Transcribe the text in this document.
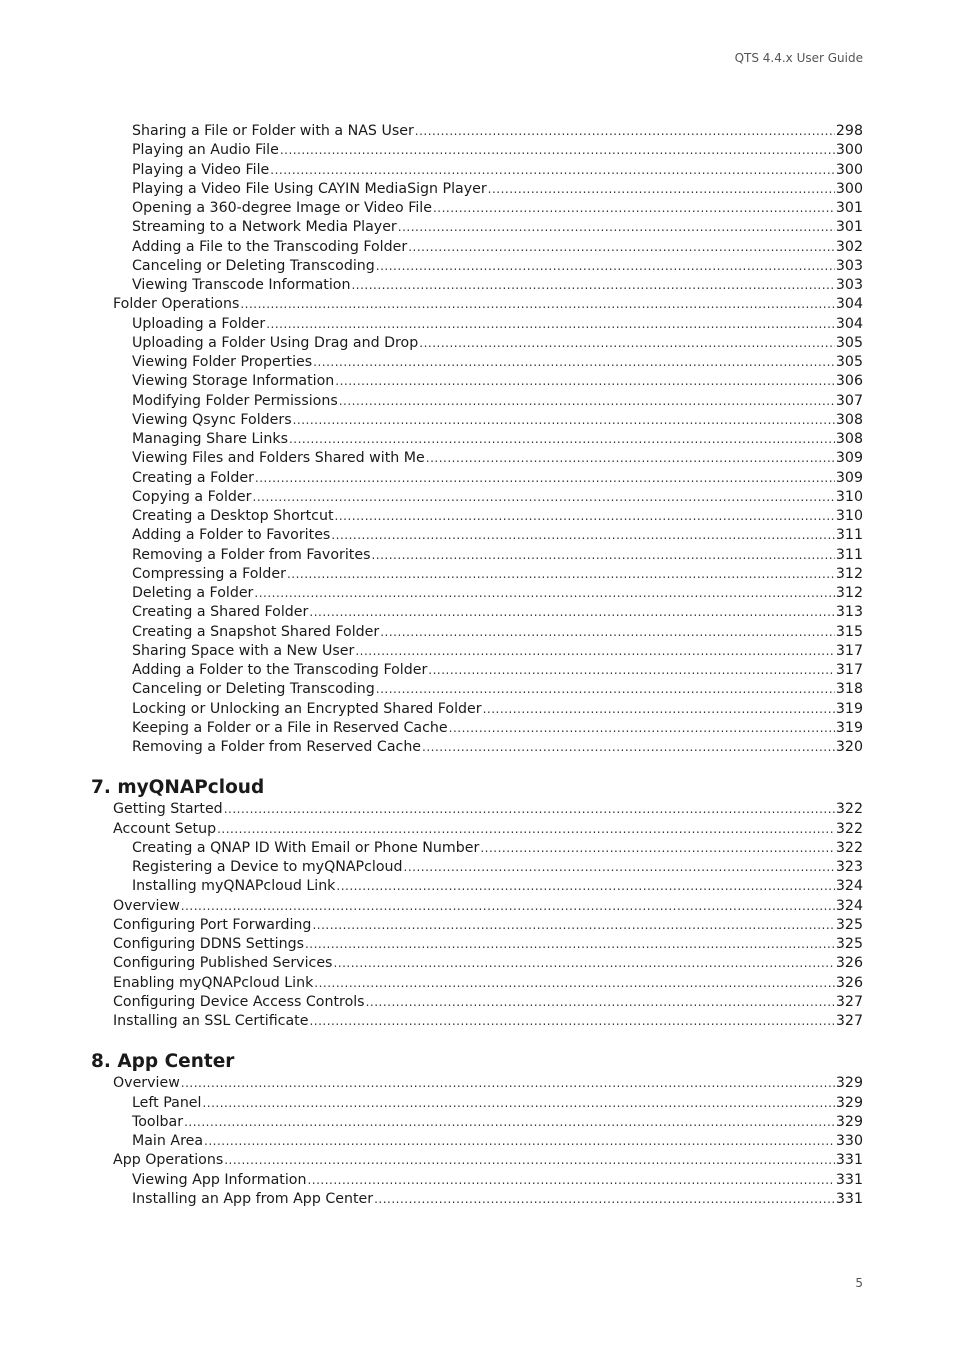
QTS 4.4.x User Guide
Sharing a File or Folder with a NAS User .....	298
Playing an Audio File .....	300
Playing a Video File .....	300
Playing a Video File Using CAYIN MediaSign Player .....	300
Opening a 360-degree Image or Video File .....	301
Streaming to a Network Media Player .....	301
Adding a File to the Transcoding Folder .....	302
Canceling or Deleting Transcoding .....	303
Viewing Transcode Information .....	303
Folder Operations .....	304
Uploading a Folder .....	304
Uploading a Folder Using Drag and Drop .....	305
Viewing Folder Properties .....	305
Viewing Storage Information .....	306
Modifying Folder Permissions .....	307
Viewing Qsync Folders .....	308
Managing Share Links .....	308
Viewing Files and Folders Shared with Me .....	309
Creating a Folder .....	309
Copying a Folder .....	310
Creating a Desktop Shortcut .....	310
Adding a Folder to Favorites .....	311
Removing a Folder from Favorites .....	311
Compressing a Folder .....	312
Deleting a Folder .....	312
Creating a Shared Folder .....	313
Creating a Snapshot Shared Folder .....	315
Sharing Space with a New User .....	317
Adding a Folder to the Transcoding Folder .....	317
Canceling or Deleting Transcoding .....	318
Locking or Unlocking an Encrypted Shared Folder .....	319
Keeping a Folder or a File in Reserved Cache .....	319
Removing a Folder from Reserved Cache .....	320
7. myQNAPcloud
Getting Started .....	322
Account Setup .....	322
Creating a QNAP ID With Email or Phone Number .....	322
Registering a Device to myQNAPcloud .....	323
Installing myQNAPcloud Link .....	324
Overview .....	324
Configuring Port Forwarding .....	325
Configuring DDNS Settings .....	325
Configuring Published Services .....	326
Enabling myQNAPcloud Link .....	326
Configuring Device Access Controls .....	327
Installing an SSL Certificate .....	327
8. App Center
Overview .....	329
Left Panel .....	329
Toolbar .....	329
Main Area .....	330
App Operations .....	331
Viewing App Information .....	331
Installing an App from App Center .....	331
5
